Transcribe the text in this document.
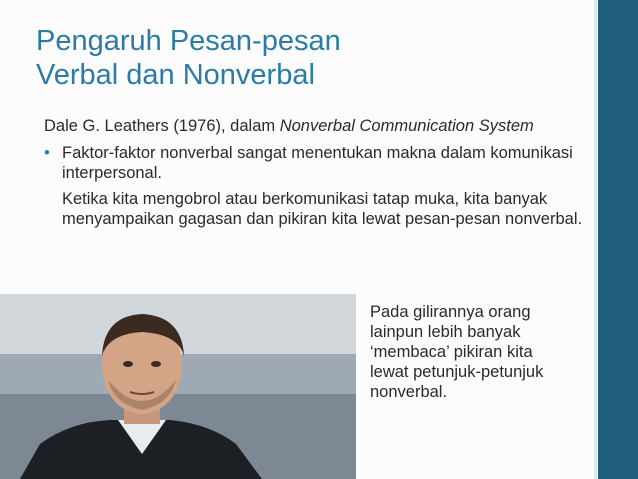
Pengaruh Pesan-pesan
Verbal dan Nonverbal
Dale G. Leathers (1976), dalam Nonverbal Communication System
• Faktor-faktor nonverbal sangat menentukan makna dalam komunikasi interpersonal.
Ketika kita mengobrol atau berkomunikasi tatap muka, kita banyak menyampaikan gagasan dan pikiran kita lewat pesan-pesan nonverbal.
Pada gilirannya orang lainpun lebih banyak ‘membaca’ pikiran kita lewat petunjuk-petunjuk nonverbal.
